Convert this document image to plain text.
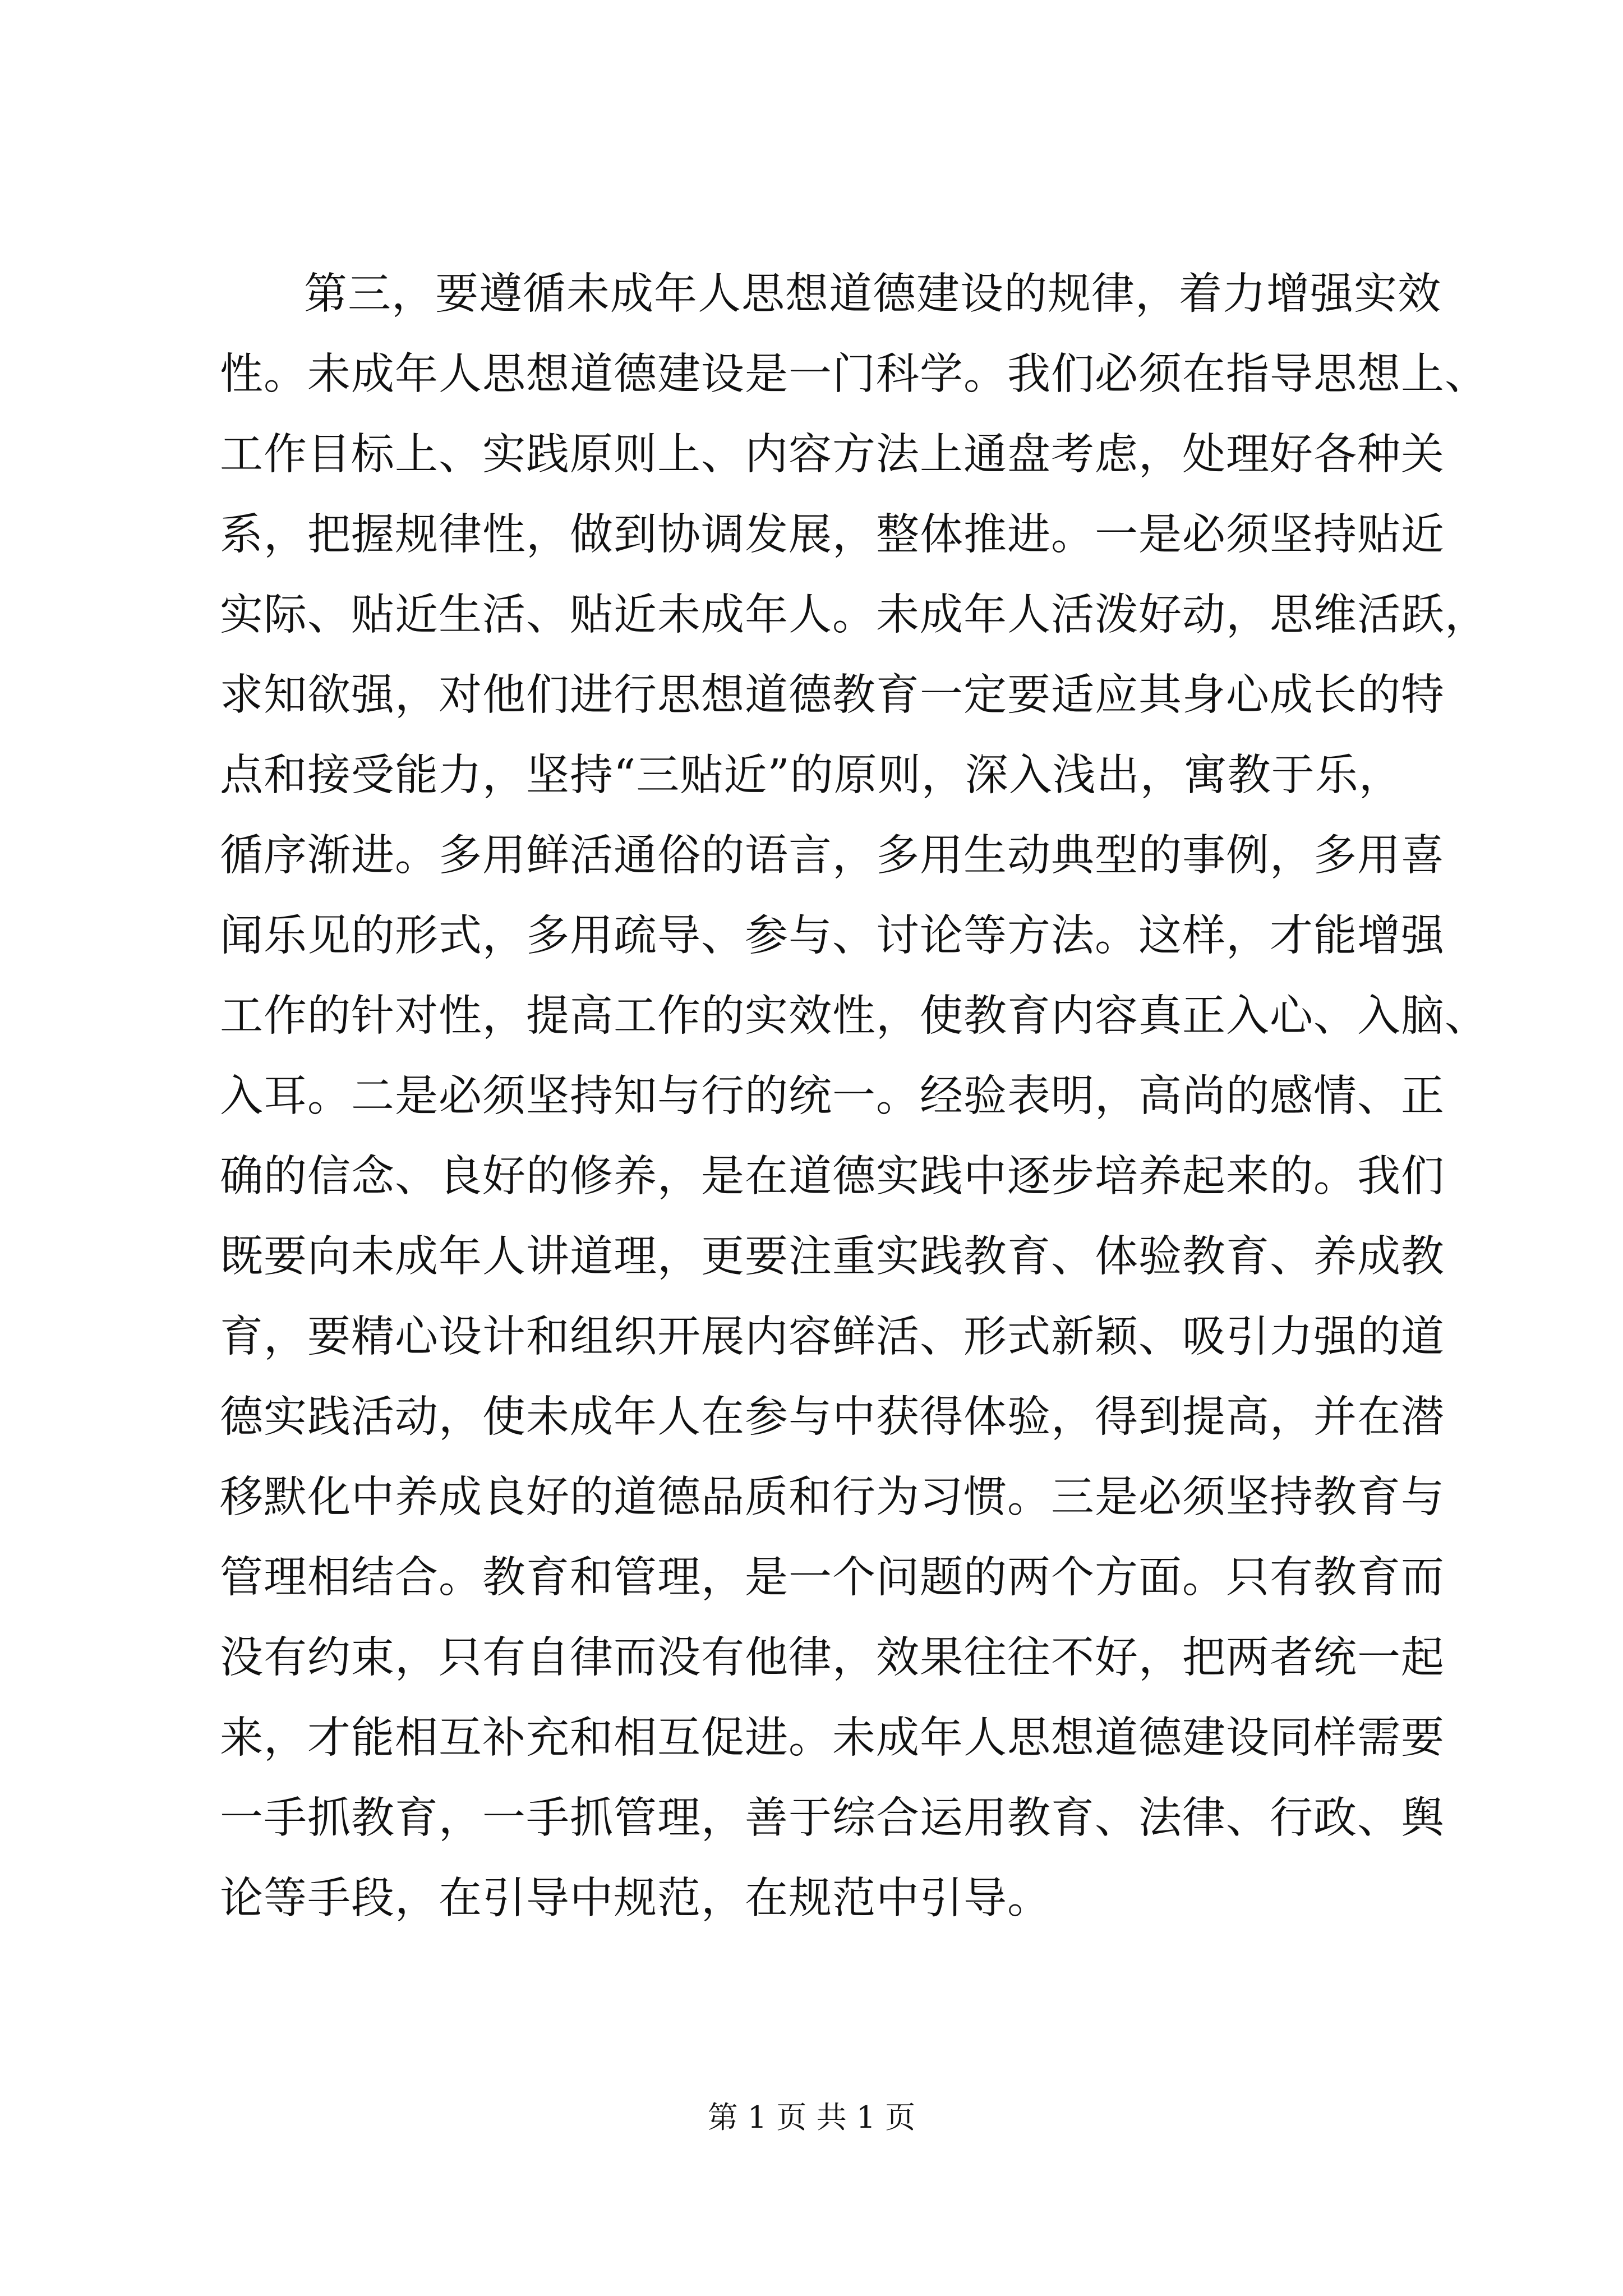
第三，要遵循未成年人思想道德建设的规律，着力增强实效
性。未成年人思想道德建设是一门科学。我们必须在指导思想上、
工作目标上、实践原则上、内容方法上通盘考虑，处理好各种关
系，把握规律性，做到协调发展，整体推进。一是必须坚持贴近
实际、贴近生活、贴近未成年人。未成年人活泼好动，思维活跃，
求知欲强，对他们进行思想道德教育一定要适应其身心成长的特
点和接受能力，坚持“三贴近”的原则，深入浅出，寓教于乐，
循序渐进。多用鲜活通俗的语言，多用生动典型的事例，多用喜
闻乐见的形式，多用疏导、参与、讨论等方法。这样，才能增强
工作的针对性，提高工作的实效性，使教育内容真正入心、入脑、
入耳。二是必须坚持知与行的统一。经验表明，高尚的感情、正
确的信念、良好的修养，是在道德实践中逐步培养起来的。我们
既要向未成年人讲道理，更要注重实践教育、体验教育、养成教
育，要精心设计和组织开展内容鲜活、形式新颖、吸引力强的道
德实践活动，使未成年人在参与中获得体验，得到提高，并在潜
移默化中养成良好的道德品质和行为习惯。三是必须坚持教育与
管理相结合。教育和管理，是一个问题的两个方面。只有教育而
没有约束，只有自律而没有他律，效果往往不好，把两者统一起
来，才能相互补充和相互促进。未成年人思想道德建设同样需要
一手抓教育，一手抓管理，善于综合运用教育、法律、行政、舆
论等手段，在引导中规范，在规范中引导。
第 1 页 共 1 页
